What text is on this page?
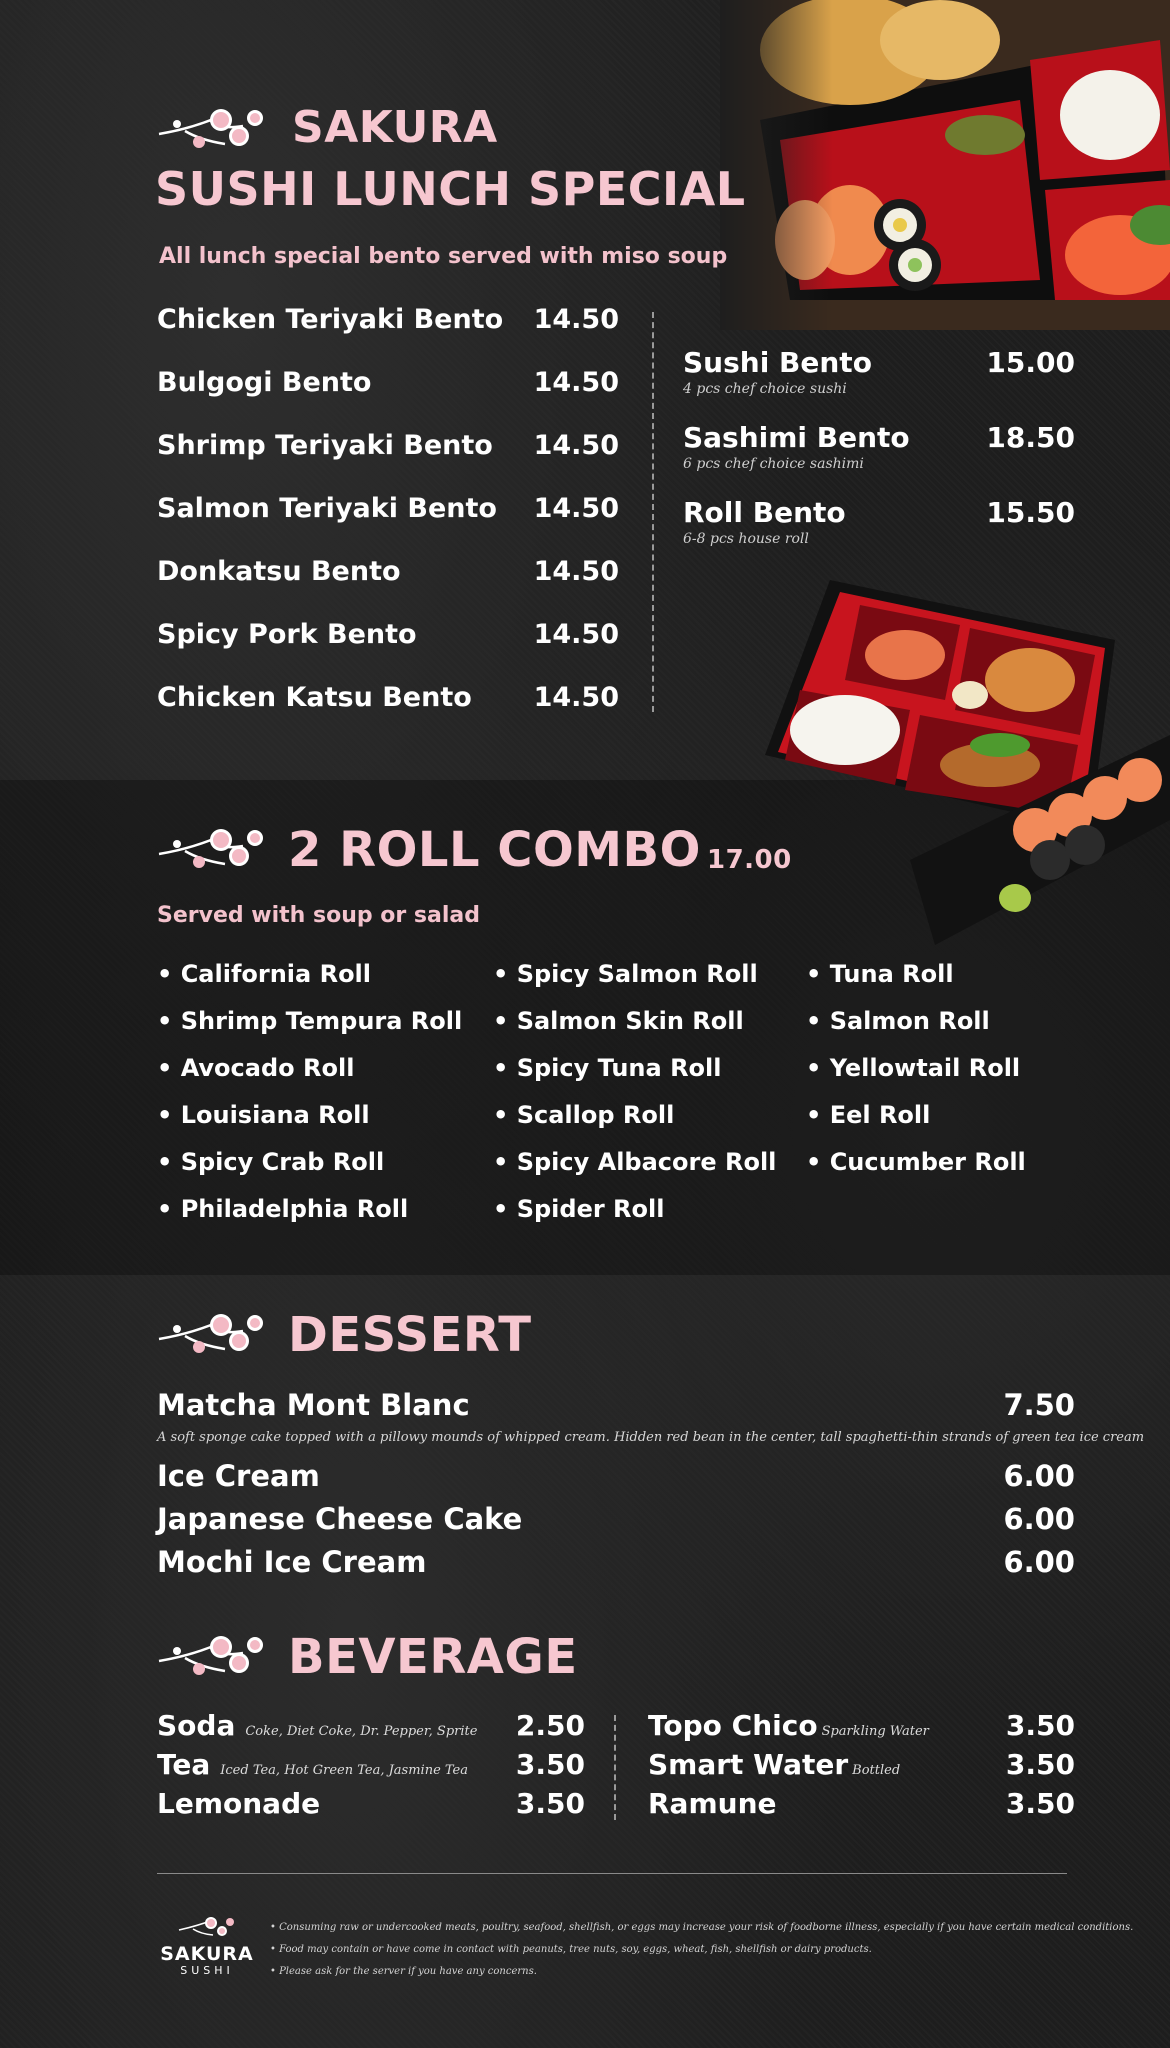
SAKURA
SUSHI LUNCH SPECIAL
All lunch special bento served with miso soup
Chicken Teriyaki Bento 14.50
Bulgogi Bento	14.50
Shrimp Teriyaki Bento 14.50
Salmon Teriyaki Bento 14.50
Donkatsu Bento	14.50
Spicy Pork Bento	14.50
Chicken Katsu Bento 14.50
Sushi Bento	15.00
4 pcs chef choice sushi
Sashimi Bento	18.50
6 pcs chef choice sashimi
Roll Bento	15.50
6-8 pcs house roll
2 ROLL COMBO 17.00
Served with soup or salad
• California Roll
• Shrimp Tempura Roll
• Avocado Roll
• Louisiana Roll
• Spicy Crab Roll
• Philadelphia Roll
• Spicy Salmon Roll
• Salmon Skin Roll
• Spicy Tuna Roll
• Scallop Roll
• Spicy Albacore Roll
• Spider Roll
• Tuna Roll
• Salmon Roll
• Yellowtail Roll
• Eel Roll
• Cucumber Roll
DESSERT
Matcha Mont Blanc	7.50
A soft sponge cake topped with a pillowy mounds of whipped cream. Hidden red bean in the center, tall spaghetti-thin strands of green tea ice cream
Ice Cream	6.00
Japanese Cheese Cake	6.00
Mochi Ice Cream	6.00
BEVERAGE
Soda Coke, Diet Coke, Dr. Pepper, Sprite 2.50
Tea Iced Tea, Hot Green Tea, Jasmine Tea 3.50
Lemonade	3.50
Topo Chico Sparkling Water	3.50
Smart Water Bottled	3.50
Ramune	3.50
SAKURA
SUSHI
• Consuming raw or undercooked meats, poultry, seafood, shellfish, or eggs may increase your risk of foodborne illness, especially if you have certain medical conditions.
• Food may contain or have come in contact with peanuts, tree nuts, soy, eggs, wheat, fish, shellfish or dairy products.
• Please ask for the server if you have any concerns.
